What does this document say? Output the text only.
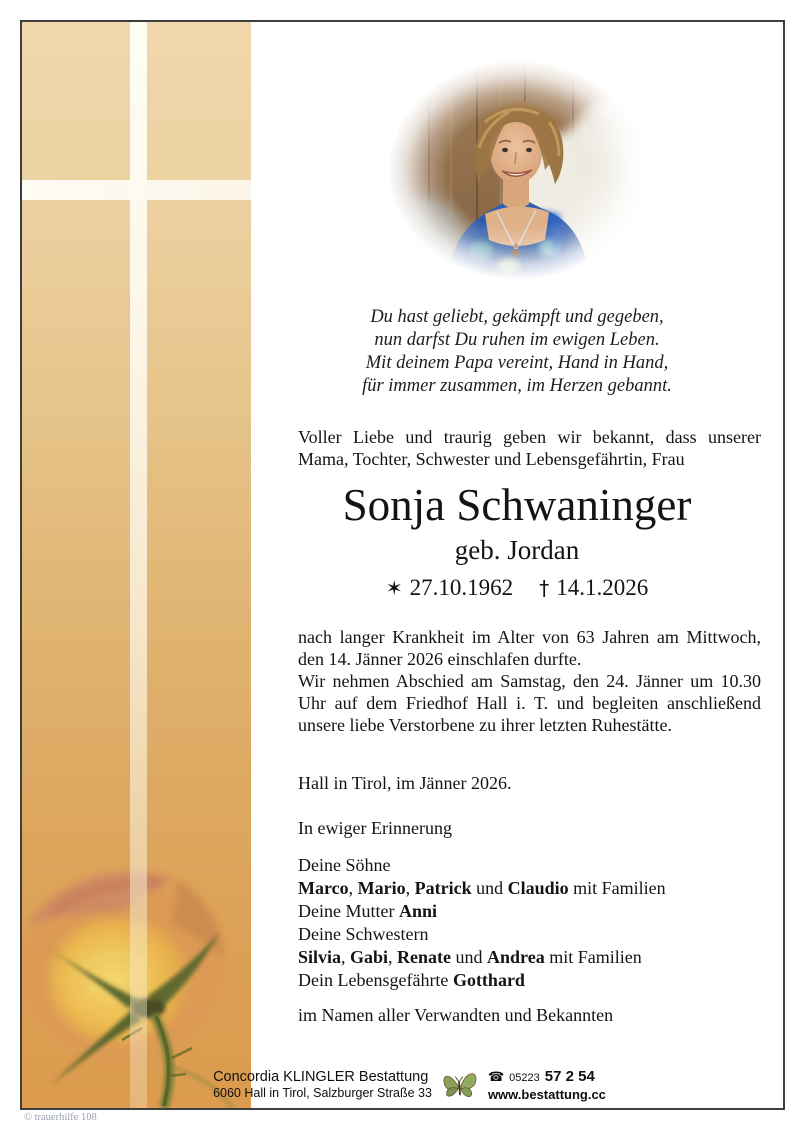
Du hast geliebt, gekämpft und gegeben,
nun darfst Du ruhen im ewigen Leben.
Mit deinem Papa vereint, Hand in Hand,
für immer zusammen, im Herzen gebannt.
Voller Liebe und traurig geben wir bekannt, dass unserer Mama, Tochter, Schwester und Lebensgefährtin, Frau
Sonja Schwaninger
geb. Jordan
✶ 27.10.1962 † 14.1.2026
nach langer Krankheit im Alter von 63 Jahren am Mittwoch, den 14. Jänner 2026 einschlafen durfte.
Wir nehmen Abschied am Samstag, den 24. Jänner um 10.30 Uhr auf dem Friedhof Hall i. T. und begleiten anschließend unsere liebe Verstorbene zu ihrer letzten Ruhestätte.
Hall in Tirol, im Jänner 2026.
In ewiger Erinnerung
Deine Söhne
Marco, Mario, Patrick und Claudio mit Familien
Deine Mutter Anni
Deine Schwestern
Silvia, Gabi, Renate und Andrea mit Familien
Dein Lebensgefährte Gotthard
im Namen aller Verwandten und Bekannten
Concordia KLINGLER Bestattung
6060 Hall in Tirol, Salzburger Straße 33
☎ 05223 57 2 54
www.bestattung.cc
© trauerhilfe 108
